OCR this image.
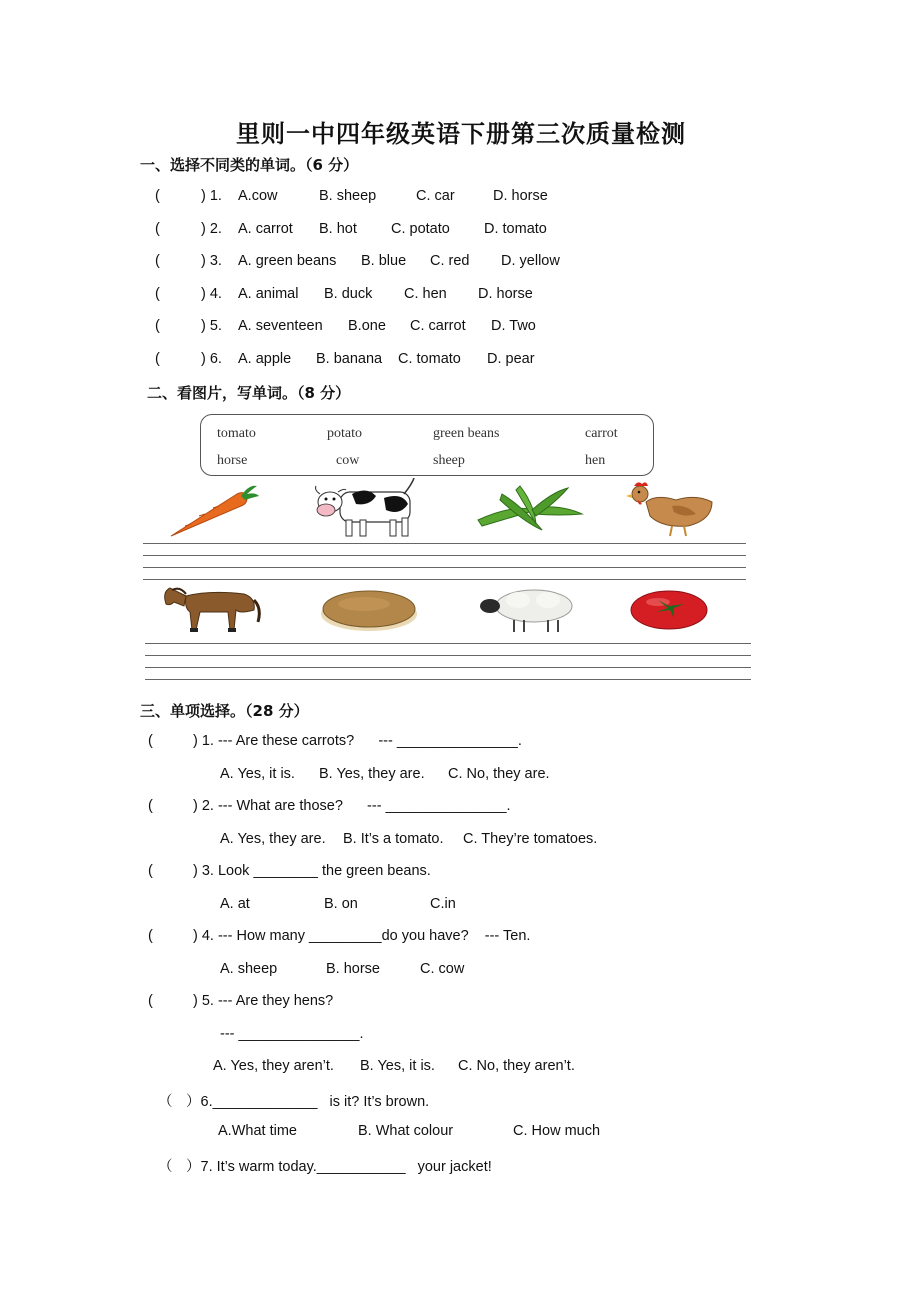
里则一中四年级英语下册第三次质量检测
一、选择不同类的单词。（6 分）
(	) 1. A.cow	B. sheep	C. car	D. horse
(	) 2. A. carrot B. hot C. potato D. tomato
(	) 3. A. green beans B. blue C. red D. yellow
(	) 4. A. animal B. duck C. hen D. horse
(	) 5. A. seventeen B.one C. carrot D. Two
(	) 6. A. apple B. banana C. tomato D. pear
二、看图片，写单词。（8 分）
tomato	potato	green beans	carrot
horse	cow	sheep	hen
三、单项选择。（28 分）
(	) 1. --- Are these carrots?      --- _______________.
A. Yes, it is. B. Yes, they are. C. No, they are.
(	) 2. --- What are those?      --- _______________.
A. Yes, they are. B. It’s a tomato. C. They’re tomatoes.
(	) 3. Look ________ the green beans.
A. at	B. on	C.in
(	) 4. --- How many _________do you have?    --- Ten.
A. sheep	B. horse	C. cow
(	) 5. --- Are they hens?
--- _______________.
A. Yes, they aren’t. B. Yes, it is. C. No, they aren’t.
（ ）6._____________   is it? It’s brown.
A.What time	B. What colour	C. How much
（ ）7. It’s warm today.___________   your jacket!
